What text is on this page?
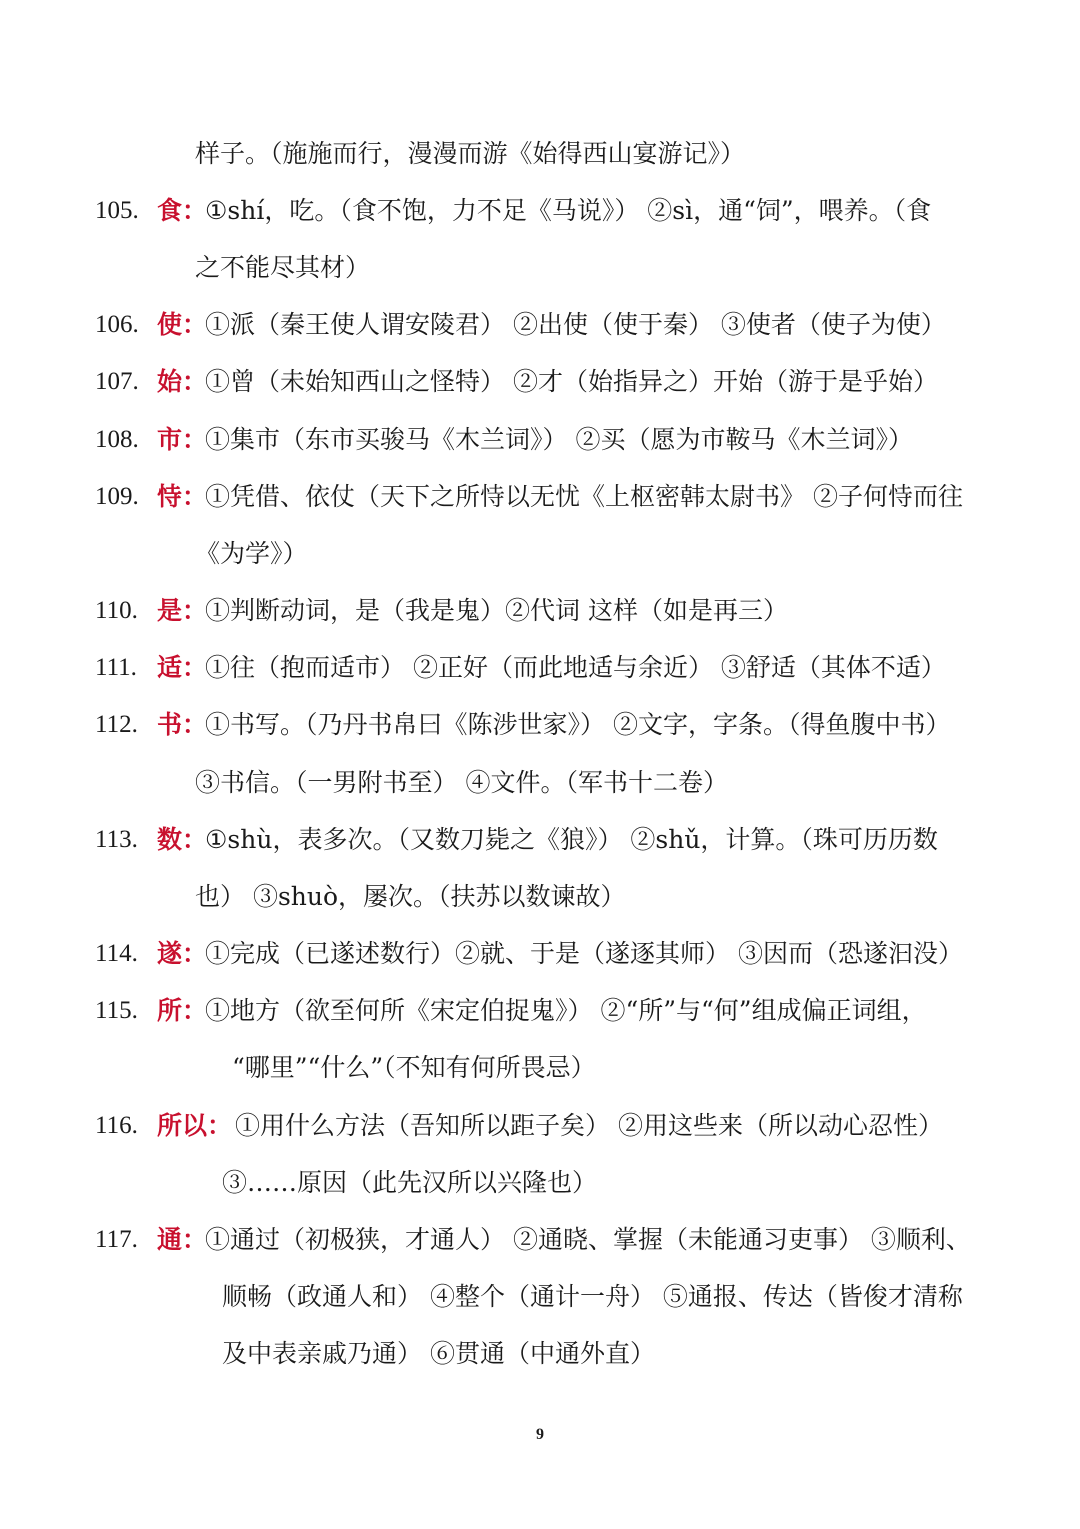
样子。（施施而行，漫漫而游《始得西山宴游记》）
105. 食：
①shí，吃。（食不饱，力不足《马说》） ②sì，通“饲”，喂养。（食
之不能尽其材）
106. 使：
①派（秦王使人谓安陵君） ②出使（使于秦） ③使者（使子为使）
107. 始：
①曾（未始知西山之怪特） ②才（始指异之）开始（游于是乎始）
108. 市：
①集市（东市买骏马《木兰词》） ②买（愿为市鞍马《木兰词》）
109. 恃：
①凭借、依仗（天下之所恃以无忧《上枢密韩太尉书》 ②子何恃而往
《为学》）
110. 是：
①判断动词，是（我是鬼）②代词 这样（如是再三）
111. 适：
①往（抱而适市） ②正好（而此地适与余近） ③舒适（其体不适）
112. 书：
①书写。（乃丹书帛曰《陈涉世家》） ②文字，字条。（得鱼腹中书）
③书信。（一男附书至） ④文件。（军书十二卷）
113. 数：
①shù，表多次。（又数刀毙之《狼》） ②shǔ，计算。（珠可历历数
也） ③shuò，屡次。（扶苏以数谏故）
114. 遂：
①完成（已遂述数行）②就、于是（遂逐其师） ③因而（恐遂汩没）
115. 所：
①地方（欲至何所《宋定伯捉鬼》） ②“所”与“何”组成偏正词组，
“哪里”“什么”（不知有何所畏忌）
116. 所以： ①用什么方法（吾知所以距子矣） ②用这些来（所以动心忍性）
③……原因（此先汉所以兴隆也）
117. 通：
①通过（初极狭，才通人） ②通晓、掌握（未能通习吏事） ③顺利、
顺畅（政通人和） ④整个（通计一舟） ⑤通报、传达（皆俊才清称
及中表亲戚乃通） ⑥贯通（中通外直）
9
